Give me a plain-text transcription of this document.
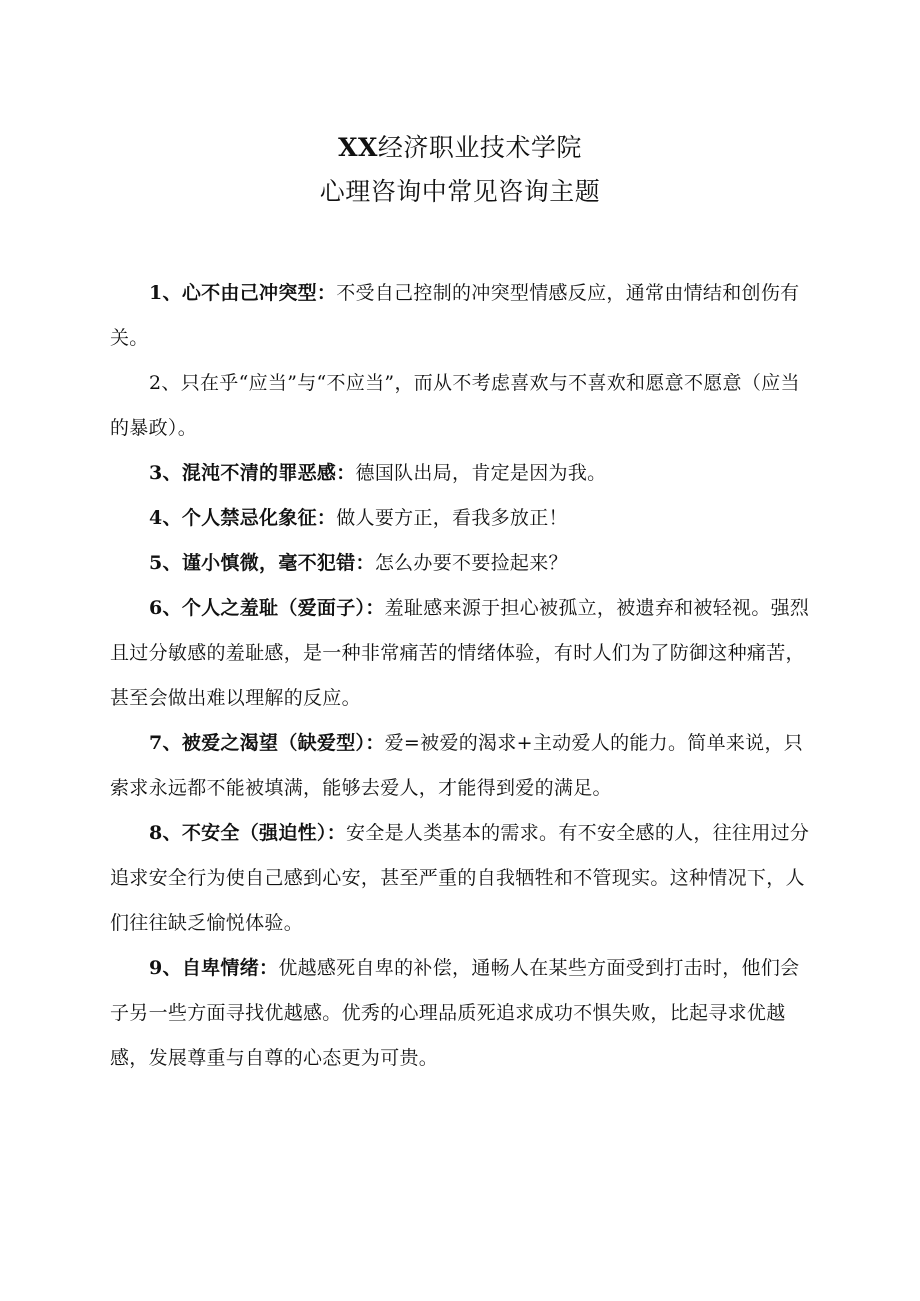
XX经济职业技术学院
心理咨询中常见咨询主题

1、心不由己冲突型：不受自己控制的冲突型情感反应，通常由情结和创伤有关。

2、只在乎“应当”与“不应当”，而从不考虑喜欢与不喜欢和愿意不愿意（应当的暴政）。

3、混沌不清的罪恶感：德国队出局，肯定是因为我。

4、个人禁忌化象征：做人要方正，看我多放正！

5、谨小慎微，毫不犯错：怎么办要不要捡起来？

6、个人之羞耻（爱面子）：羞耻感来源于担心被孤立，被遗弃和被轻视。强烈且过分敏感的羞耻感，是一种非常痛苦的情绪体验，有时人们为了防御这种痛苦，甚至会做出难以理解的反应。

7、被爱之渴望（缺爱型）：爱=被爱的渴求+主动爱人的能力。简单来说，只索求永远都不能被填满，能够去爱人，才能得到爱的满足。

8、不安全（强迫性）：安全是人类基本的需求。有不安全感的人，往往用过分追求安全行为使自己感到心安，甚至严重的自我牺牲和不管现实。这种情况下，人们往往缺乏愉悦体验。

9、自卑情绪：优越感死自卑的补偿，通畅人在某些方面受到打击时，他们会子另一些方面寻找优越感。优秀的心理品质死追求成功不惧失败，比起寻求优越感，发展尊重与自尊的心态更为可贵。
